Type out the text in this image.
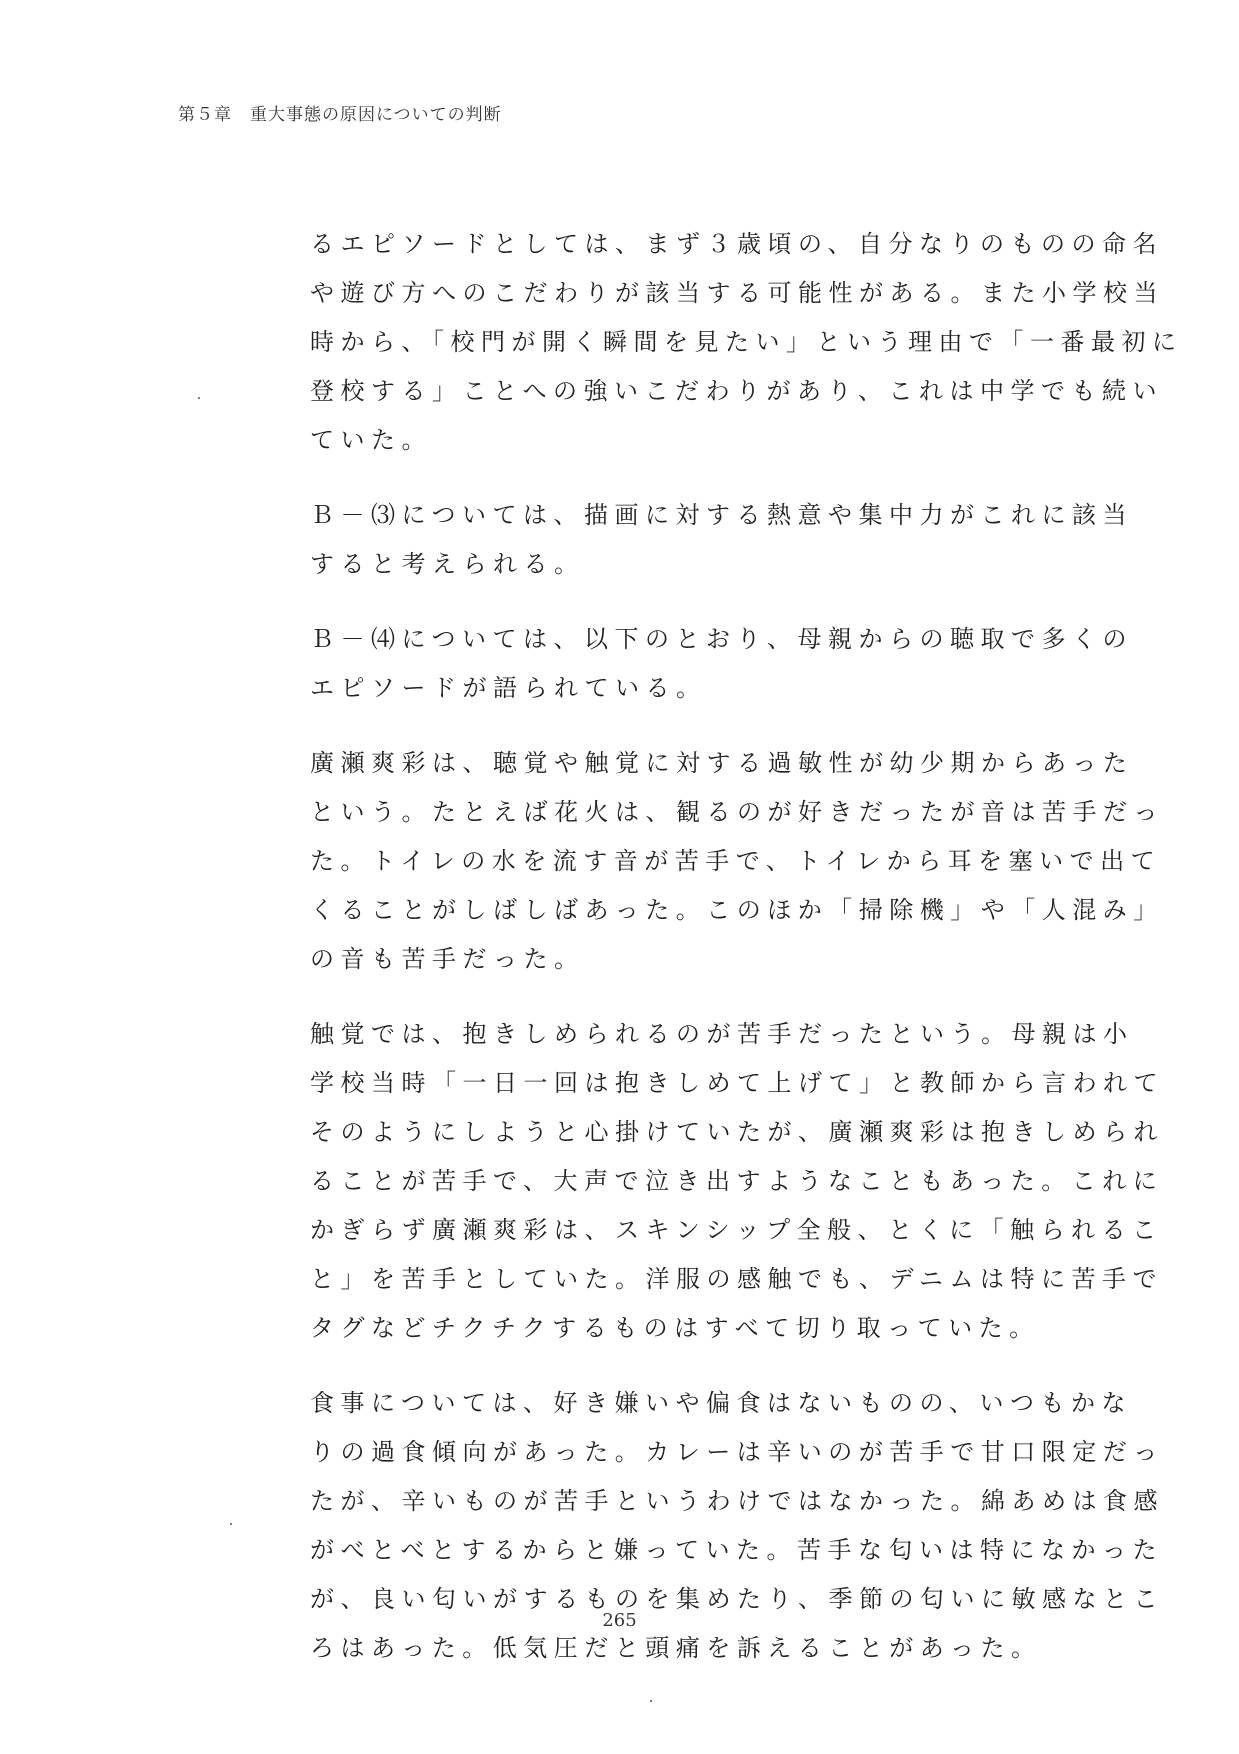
第５章　重大事態の原因についての判断
るエピソードとしては、まず３歳頃の、自分なりのものの命名
や遊び方へのこだわりが該当する可能性がある。また小学校当
時から、「校門が開く瞬間を見たい」という理由で「一番最初に
登校する」ことへの強いこだわりがあり、これは中学でも続い
ていた。
Ｂ－⑶については、描画に対する熱意や集中力がこれに該当
すると考えられる。
Ｂ－⑷については、以下のとおり、母親からの聴取で多くの
エピソードが語られている。
廣瀬爽彩は、聴覚や触覚に対する過敏性が幼少期からあった
という。たとえば花火は、観るのが好きだったが音は苦手だっ
た。トイレの水を流す音が苦手で、トイレから耳を塞いで出て
くることがしばしばあった。このほか「掃除機」や「人混み」
の音も苦手だった。
触覚では、抱きしめられるのが苦手だったという。母親は小
学校当時「一日一回は抱きしめて上げて」と教師から言われて
そのようにしようと心掛けていたが、廣瀬爽彩は抱きしめられ
ることが苦手で、大声で泣き出すようなこともあった。これに
かぎらず廣瀬爽彩は、スキンシップ全般、とくに「触られるこ
と」を苦手としていた。洋服の感触でも、デニムは特に苦手で
タグなどチクチクするものはすべて切り取っていた。
食事については、好き嫌いや偏食はないものの、いつもかな
りの過食傾向があった。カレーは辛いのが苦手で甘口限定だっ
たが、辛いものが苦手というわけではなかった。綿あめは食感
がべとべとするからと嫌っていた。苦手な匂いは特になかった
が、良い匂いがするものを集めたり、季節の匂いに敏感なとこ
ろはあった。低気圧だと頭痛を訴えることがあった。
265
